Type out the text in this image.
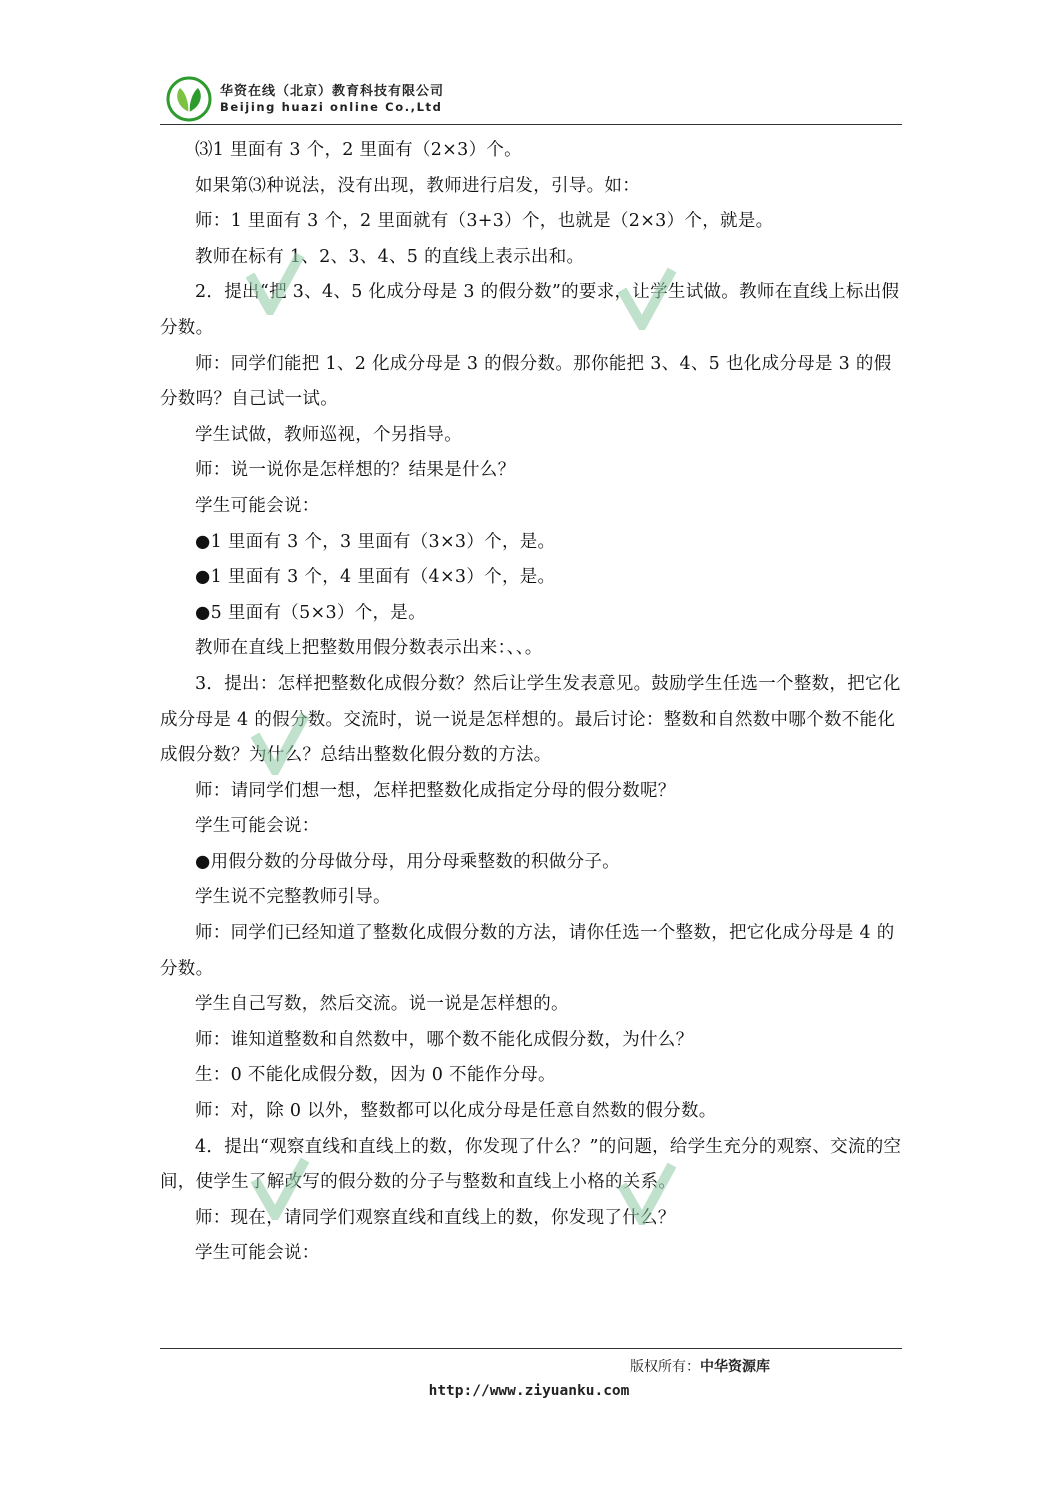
华资在线（北京）教育科技有限公司
Beijing huazi online Co.,Ltd

⑶1 里面有 3 个，2 里面有（2×3）个。

如果第⑶种说法，没有出现，教师进行启发，引导。如：

师：1 里面有 3 个，2 里面就有（3+3）个，也就是（2×3）个，就是。

教师在标有 1、2、3、4、5 的直线上表示出和。

2．提出“把 3、4、5 化成分母是 3 的假分数”的要求，让学生试做。教师在直线上标出假分数。

师：同学们能把 1、2 化成分母是 3 的假分数。那你能把 3、4、5 也化成分母是 3 的假分数吗？自己试一试。

学生试做，教师巡视，个另指导。

师：说一说你是怎样想的？结果是什么？

学生可能会说：

●1 里面有 3 个，3 里面有（3×3）个，是。

●1 里面有 3 个，4 里面有（4×3）个，是。

●5 里面有（5×3）个，是。

教师在直线上把整数用假分数表示出来：、、。

3．提出：怎样把整数化成假分数？然后让学生发表意见。鼓励学生任选一个整数，把它化成分母是 4 的假分数。交流时，说一说是怎样想的。最后讨论：整数和自然数中哪个数不能化成假分数？为什么？总结出整数化假分数的方法。

师：请同学们想一想，怎样把整数化成指定分母的假分数呢？

学生可能会说：

●用假分数的分母做分母，用分母乘整数的积做分子。

学生说不完整教师引导。

师：同学们已经知道了整数化成假分数的方法，请你任选一个整数，把它化成分母是 4 的分数。

学生自己写数，然后交流。说一说是怎样想的。

师：谁知道整数和自然数中，哪个数不能化成假分数，为什么？

生：0 不能化成假分数，因为 0 不能作分母。

师：对，除 0 以外，整数都可以化成分母是任意自然数的假分数。

4．提出“观察直线和直线上的数，你发现了什么？”的问题，给学生充分的观察、交流的空间，使学生了解改写的假分数的分子与整数和直线上小格的关系。

师：现在，请同学们观察直线和直线上的数，你发现了什么？

学生可能会说：

版权所有：中华资源库
http://www.ziyuanku.com
